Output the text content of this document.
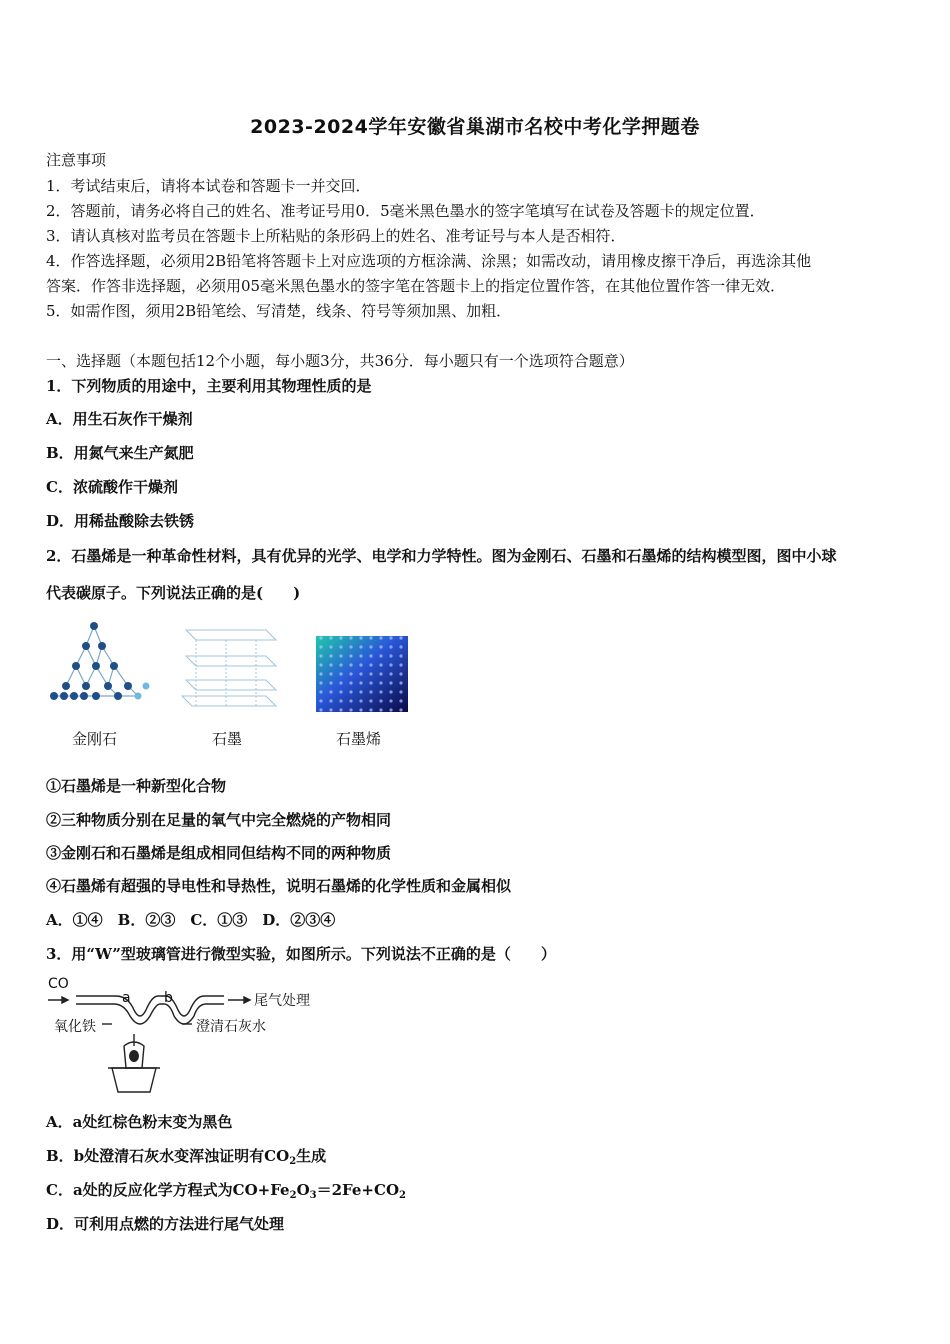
2023-2024学年安徽省巢湖市名校中考化学押题卷
注意事项
1．考试结束后，请将本试卷和答题卡一并交回．
2．答题前，请务必将自己的姓名、准考证号用0．5毫米黑色墨水的签字笔填写在试卷及答题卡的规定位置．
3．请认真核对监考员在答题卡上所粘贴的条形码上的姓名、准考证号与本人是否相符．
4．作答选择题，必须用2B铅笔将答题卡上对应选项的方框涂满、涂黑；如需改动，请用橡皮擦干净后，再选涂其他
答案．作答非选择题，必须用05毫米黑色墨水的签字笔在答题卡上的指定位置作答，在其他位置作答一律无效．
5．如需作图，须用2B铅笔绘、写清楚，线条、符号等须加黑、加粗．
一、选择题（本题包括12个小题，每小题3分，共36分．每小题只有一个选项符合题意）
1．下列物质的用途中，主要利用其物理性质的是
A．用生石灰作干燥剂
B．用氮气来生产氮肥
C．浓硫酸作干燥剂
D．用稀盐酸除去铁锈
2．石墨烯是一种革命性材料，具有优异的光学、电学和力学特性。图为金刚石、石墨和石墨烯的结构模型图，图中小球
代表碳原子。下列说法正确的是(　　)
金刚石	石墨	石墨烯
①石墨烯是一种新型化合物
②三种物质分别在足量的氧气中完全燃烧的产物相同
③金刚石和石墨烯是组成相同但结构不同的两种物质
④石墨烯有超强的导电性和导热性，说明石墨烯的化学性质和金属相似
A．①④　B．②③　C．①③　D．②③④
3．用“W”型玻璃管进行微型实验，如图所示。下列说法不正确的是（　　）
CO
a b	尾气处理
氧化铁	澄清石灰水
A．a处红棕色粉末变为黑色
B．b处澄清石灰水变浑浊证明有$CO_2$生成
C．a处的反应化学方程式为$CO+Fe_2O_3=2Fe+CO_2$
D．可利用点燃的方法进行尾气处理
